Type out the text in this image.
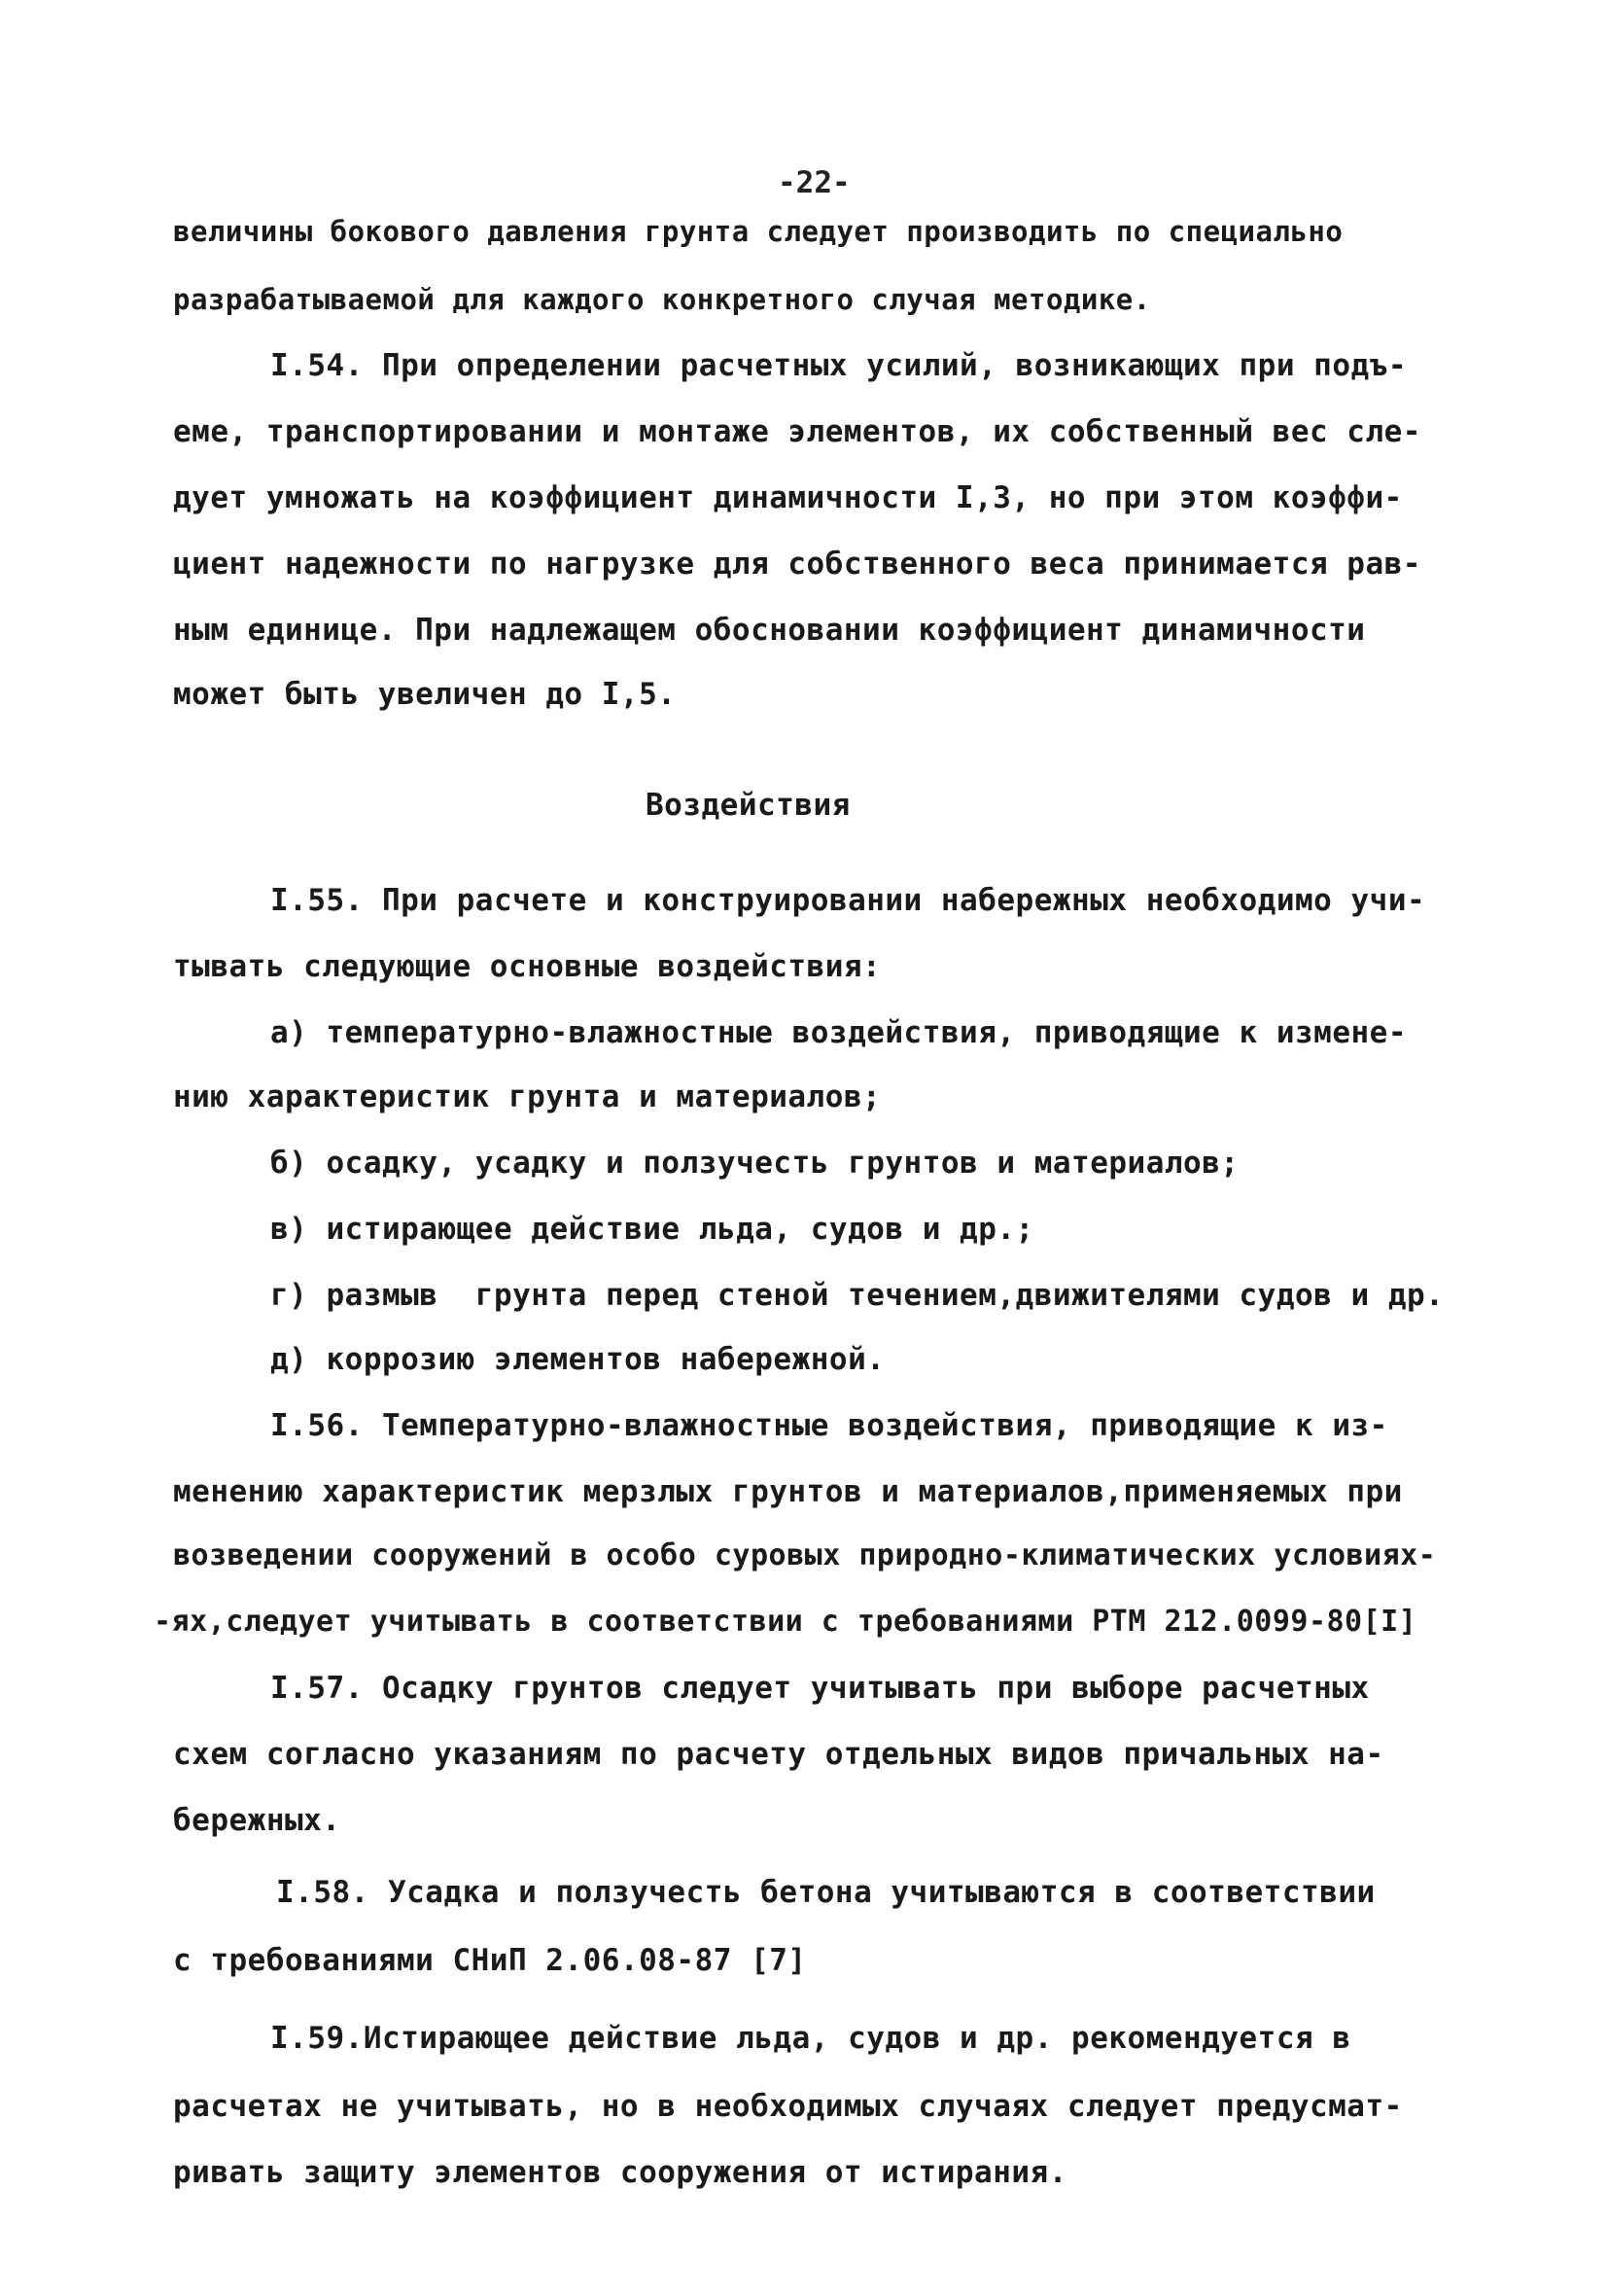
-22-
величины бокового давления грунта следует производить по специально
разрабатываемой для каждого конкретного случая методике.
I.54. При определении расчетных усилий, возникающих при подъ-
еме, транспортировании и монтаже элементов, их собственный вес сле-
дует умножать на коэффициент динамичности I,3, но при этом коэффи-
циент надежности по нагрузке для собственного веса принимается рав-
ным единице. При надлежащем обосновании коэффициент динамичности
может быть увеличен до I,5.
Воздействия
I.55. При расчете и конструировании набережных необходимо учи-
тывать следующие основные воздействия:
а) температурно-влажностные воздействия, приводящие к измене-
нию характеристик грунта и материалов;
б) осадку, усадку и ползучесть грунтов и материалов;
в) истирающее действие льда, судов и др.;
г) размыв  грунта перед стеной течением,движителями судов и др.
д) коррозию элементов набережной.
I.56. Температурно-влажностные воздействия, приводящие к из-
менению характеристик мерзлых грунтов и материалов,применяемых при
возведении сооружений в особо суровых природно-климатических условиях-
-ях,следует учитывать в соответствии с требованиями РТМ 212.0099-80[I]
I.57. Осадку грунтов следует учитывать при выборе расчетных
схем согласно указаниям по расчету отдельных видов причальных на-
бережных.
I.58. Усадка и ползучесть бетона учитываются в соответствии
с требованиями СНиП 2.06.08-87 [7]
I.59.Истирающее действие льда, судов и др. рекомендуется в
расчетах не учитывать, но в необходимых случаях следует предусмат-
ривать защиту элементов сооружения от истирания.
